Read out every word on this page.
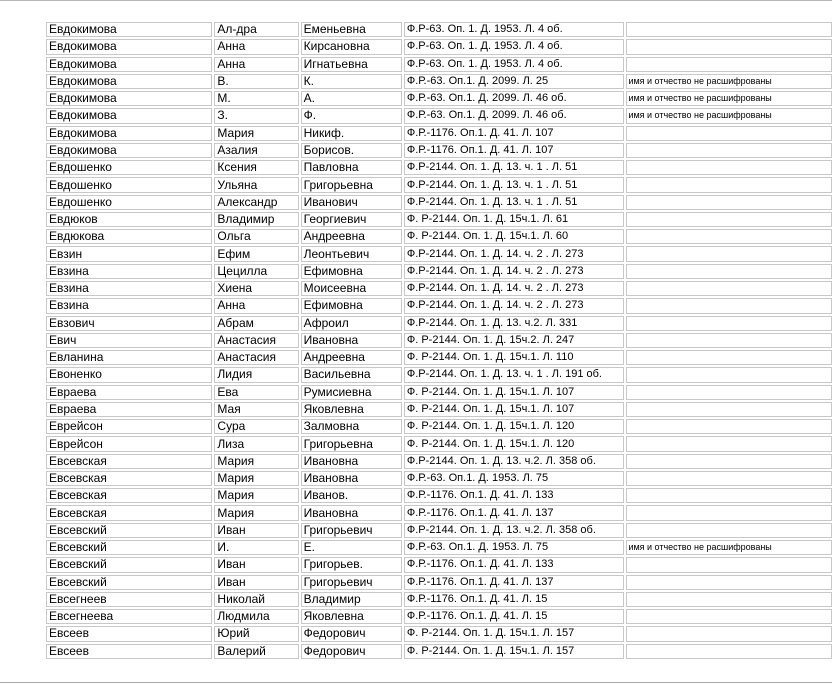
Евдокимова	Ал-дра	Еменьевна	Ф.Р-63. Оп. 1. Д. 1953. Л. 4 об.	
Евдокимова	Анна	Кирсановна	Ф.Р-63. Оп. 1. Д. 1953. Л. 4 об.	
Евдокимова	Анна	Игнатьевна	Ф.Р-63. Оп. 1. Д. 1953. Л. 4 об.	
Евдокимова	В.	К.	Ф.Р.-63. Оп.1. Д. 2099. Л. 25	имя и отчество не расшифрованы
Евдокимова	М.	А.	Ф.Р.-63. Оп.1. Д. 2099. Л. 46 об.	имя и отчество не расшифрованы
Евдокимова	З.	Ф.	Ф.Р.-63. Оп.1. Д. 2099. Л. 46 об.	имя и отчество не расшифрованы
Евдокимова	Мария	Никиф.	Ф.Р.-1176. Оп.1. Д. 41. Л. 107	
Евдокимова	Азалия	Борисов.	Ф.Р.-1176. Оп.1. Д. 41. Л. 107	
Евдошенко	Ксения	Павловна	Ф.Р-2144. Оп. 1. Д. 13. ч. 1 . Л. 51	
Евдошенко	Ульяна	Григорьевна	Ф.Р-2144. Оп. 1. Д. 13. ч. 1 . Л. 51	
Евдошенко	Александр	Иванович	Ф.Р-2144. Оп. 1. Д. 13. ч. 1 . Л. 51	
Евдюков	Владимир	Георгиевич	Ф. Р-2144. Оп. 1. Д. 15ч.1. Л. 61	
Евдюкова	Ольга	Андреевна	Ф. Р-2144. Оп. 1. Д. 15ч.1. Л. 60	
Евзин	Ефим	Леонтьевич	Ф.Р-2144. Оп. 1. Д. 14. ч. 2 . Л. 273	
Евзина	Цецилла	Ефимовна	Ф.Р-2144. Оп. 1. Д. 14. ч. 2 . Л. 273	
Евзина	Хиена	Моисеевна	Ф.Р-2144. Оп. 1. Д. 14. ч. 2 . Л. 273	
Евзина	Анна	Ефимовна	Ф.Р-2144. Оп. 1. Д. 14. ч. 2 . Л. 273	
Евзович	Абрам	Афроил	Ф.Р-2144. Оп. 1. Д. 13. ч.2. Л. 331	
Евич	Анастасия	Ивановна	Ф. Р-2144. Оп. 1. Д. 15ч.2. Л. 247	
Евланина	Анастасия	Андреевна	Ф. Р-2144. Оп. 1. Д. 15ч.1. Л. 110	
Евоненко	Лидия	Васильевна	Ф.Р-2144. Оп. 1. Д. 13. ч. 1 . Л. 191 об.	
Евраева	Ева	Румисиевна	Ф. Р-2144. Оп. 1. Д. 15ч.1. Л. 107	
Евраева	Мая	Яковлевна	Ф. Р-2144. Оп. 1. Д. 15ч.1. Л. 107	
Еврейсон	Сура	Залмовна	Ф. Р-2144. Оп. 1. Д. 15ч.1. Л. 120	
Еврейсон	Лиза	Григорьевна	Ф. Р-2144. Оп. 1. Д. 15ч.1. Л. 120	
Евсевская	Мария	Ивановна	Ф.Р-2144. Оп. 1. Д. 13. ч.2. Л. 358 об.	
Евсевская	Мария	Ивановна	Ф.Р.-63. Оп.1. Д. 1953. Л. 75	
Евсевская	Мария	Иванов.	Ф.Р.-1176. Оп.1. Д. 41. Л. 133	
Евсевская	Мария	Ивановна	Ф.Р.-1176. Оп.1. Д. 41. Л. 137	
Евсевский	Иван	Григорьевич	Ф.Р-2144. Оп. 1. Д. 13. ч.2. Л. 358 об.	
Евсевский	И.	Е.	Ф.Р.-63. Оп.1. Д. 1953. Л. 75	имя и отчество не расшифрованы
Евсевский	Иван	Григорьев.	Ф.Р.-1176. Оп.1. Д. 41. Л. 133	
Евсевский	Иван	Григорьевич	Ф.Р.-1176. Оп.1. Д. 41. Л. 137	
Евсегнеев	Николай	Владимир	Ф.Р.-1176. Оп.1. Д. 41. Л. 15	
Евсегнеева	Людмила	Яковлевна	Ф.Р.-1176. Оп.1. Д. 41. Л. 15	
Евсеев	Юрий	Федорович	Ф. Р-2144. Оп. 1. Д. 15ч.1. Л. 157	
Евсеев	Валерий	Федорович	Ф. Р-2144. Оп. 1. Д. 15ч.1. Л. 157	
